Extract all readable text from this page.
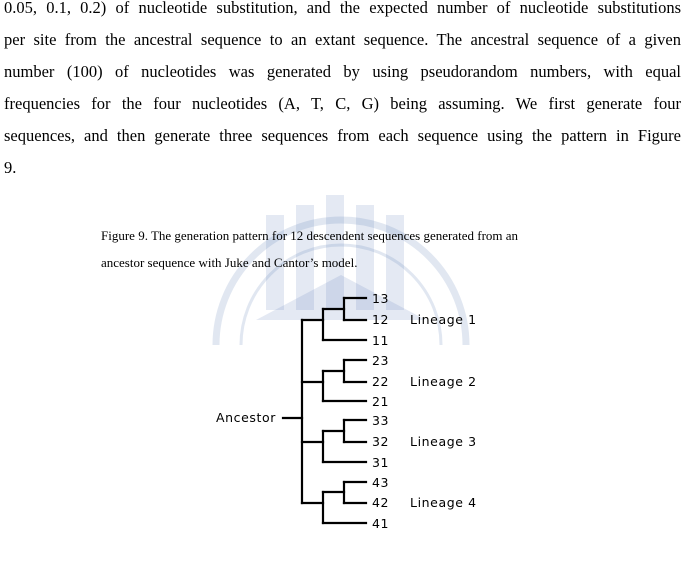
0.05, 0.1, 0.2) of nucleotide substitution, and the expected number of nucleotide substitutions
per site from the ancestral sequence to an extant sequence. The ancestral sequence of a given
number (100) of nucleotides was generated by using pseudorandom numbers, with equal
frequencies for the four nucleotides (A, T, C, G) being assuming. We first generate four
sequences, and then generate three sequences from each sequence using the pattern in Figure
9.
Figure 9. The generation pattern for 12 descendent sequences generated from an
ancestor sequence with Juke and Cantor’s model.
Ancestor
13
12
11
Lineage 1
23
22
21
Lineage 2
33
32
31
Lineage 3
43
42
41
Lineage 4
